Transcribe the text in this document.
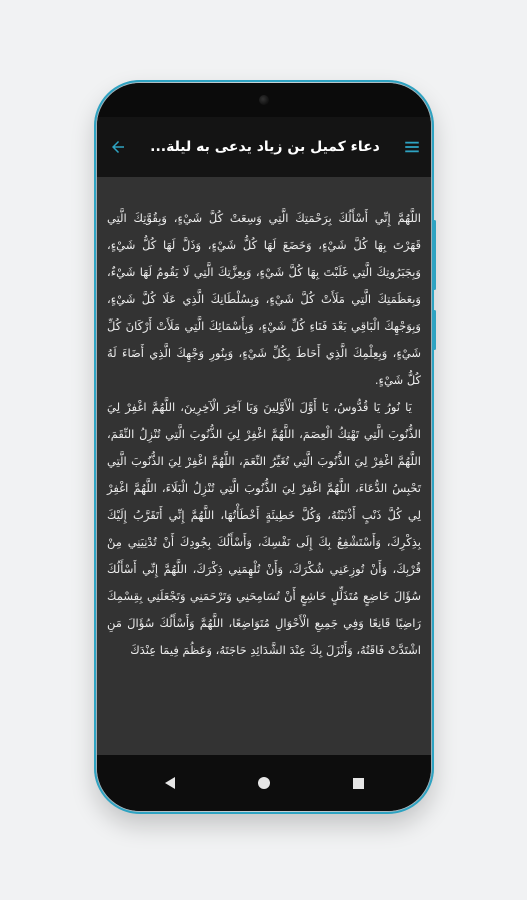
دعاء كميل بن زياد يدعى به ليلة...

اللَّهُمَّ إِنِّي أَسْأَلُكَ بِرَحْمَتِكَ الَّتِي وَسِعَتْ كُلَّ شَيْءٍ، وَبِقُوَّتِكَ الَّتِي قَهَرْتَ بِهَا كُلَّ شَيْءٍ، وَخَضَعَ لَهَا كُلُّ شَيْءٍ، وَذَلَّ لَهَا كُلُّ شَيْءٍ، وَبِجَبَرُوتِكَ الَّتِي غَلَبْتَ بِهَا كُلَّ شَيْءٍ، وَبِعِزَّتِكَ الَّتِي لَا يَقُومُ لَهَا شَيْءٌ، وَبِعَظَمَتِكَ الَّتِي مَلَأَتْ كُلَّ شَيْءٍ، وَبِسُلْطَانِكَ الَّذِي عَلَا كُلَّ شَيْءٍ، وَبِوَجْهِكَ الْبَاقِي بَعْدَ فَنَاءِ كُلِّ شَيْءٍ، وَبِأَسْمَائِكَ الَّتِي مَلَأَتْ أَرْكَانَ كُلِّ شَيْءٍ، وَبِعِلْمِكَ الَّذِي أَحَاطَ بِكُلِّ شَيْءٍ، وَبِنُورِ وَجْهِكَ الَّذِي أَضَاءَ لَهُ كُلُّ شَيْءٍ.

يَا نُورُ يَا قُدُّوسُ، يَا أَوَّلَ الْأَوَّلِينَ وَيَا آخِرَ الْآخِرِينَ، اللَّهُمَّ اغْفِرْ لِيَ الذُّنُوبَ الَّتِي تَهْتِكُ الْعِصَمَ، اللَّهُمَّ اغْفِرْ لِيَ الذُّنُوبَ الَّتِي تُنْزِلُ النِّقَمَ، اللَّهُمَّ اغْفِرْ لِيَ الذُّنُوبَ الَّتِي تُغَيِّرُ النِّعَمَ، اللَّهُمَّ اغْفِرْ لِيَ الذُّنُوبَ الَّتِي تَحْبِسُ الدُّعَاءَ، اللَّهُمَّ اغْفِرْ لِيَ الذُّنُوبَ الَّتِي تُنْزِلُ الْبَلَاءَ، اللَّهُمَّ اغْفِرْ لِي كُلَّ ذَنْبٍ أَذْنَبْتُهُ، وَكُلَّ خَطِيئَةٍ أَخْطَأْتُهَا، اللَّهُمَّ إِنِّي أَتَقَرَّبُ إِلَيْكَ بِذِكْرِكَ، وَأَسْتَشْفِعُ بِكَ إِلَى نَفْسِكَ، وَأَسْأَلُكَ بِجُودِكَ أَنْ تُدْنِيَنِي مِنْ قُرْبِكَ، وَأَنْ تُوزِعَنِي شُكْرَكَ، وَأَنْ تُلْهِمَنِي ذِكْرَكَ، اللَّهُمَّ إِنِّي أَسْأَلُكَ سُؤَالَ خَاضِعٍ مُتَذَلِّلٍ خَاشِعٍ أَنْ تُسَامِحَنِي وَتَرْحَمَنِي وَتَجْعَلَنِي بِقِسْمِكَ رَاضِيًا قَانِعًا وَفِي جَمِيعِ الْأَحْوَالِ مُتَوَاضِعًا، اللَّهُمَّ وَأَسْأَلُكَ سُؤَالَ مَنِ اشْتَدَّتْ فَاقَتُهُ، وَأَنْزَلَ بِكَ عِنْدَ الشَّدَائِدِ حَاجَتَهُ، وَعَظُمَ فِيمَا عِنْدَكَ
